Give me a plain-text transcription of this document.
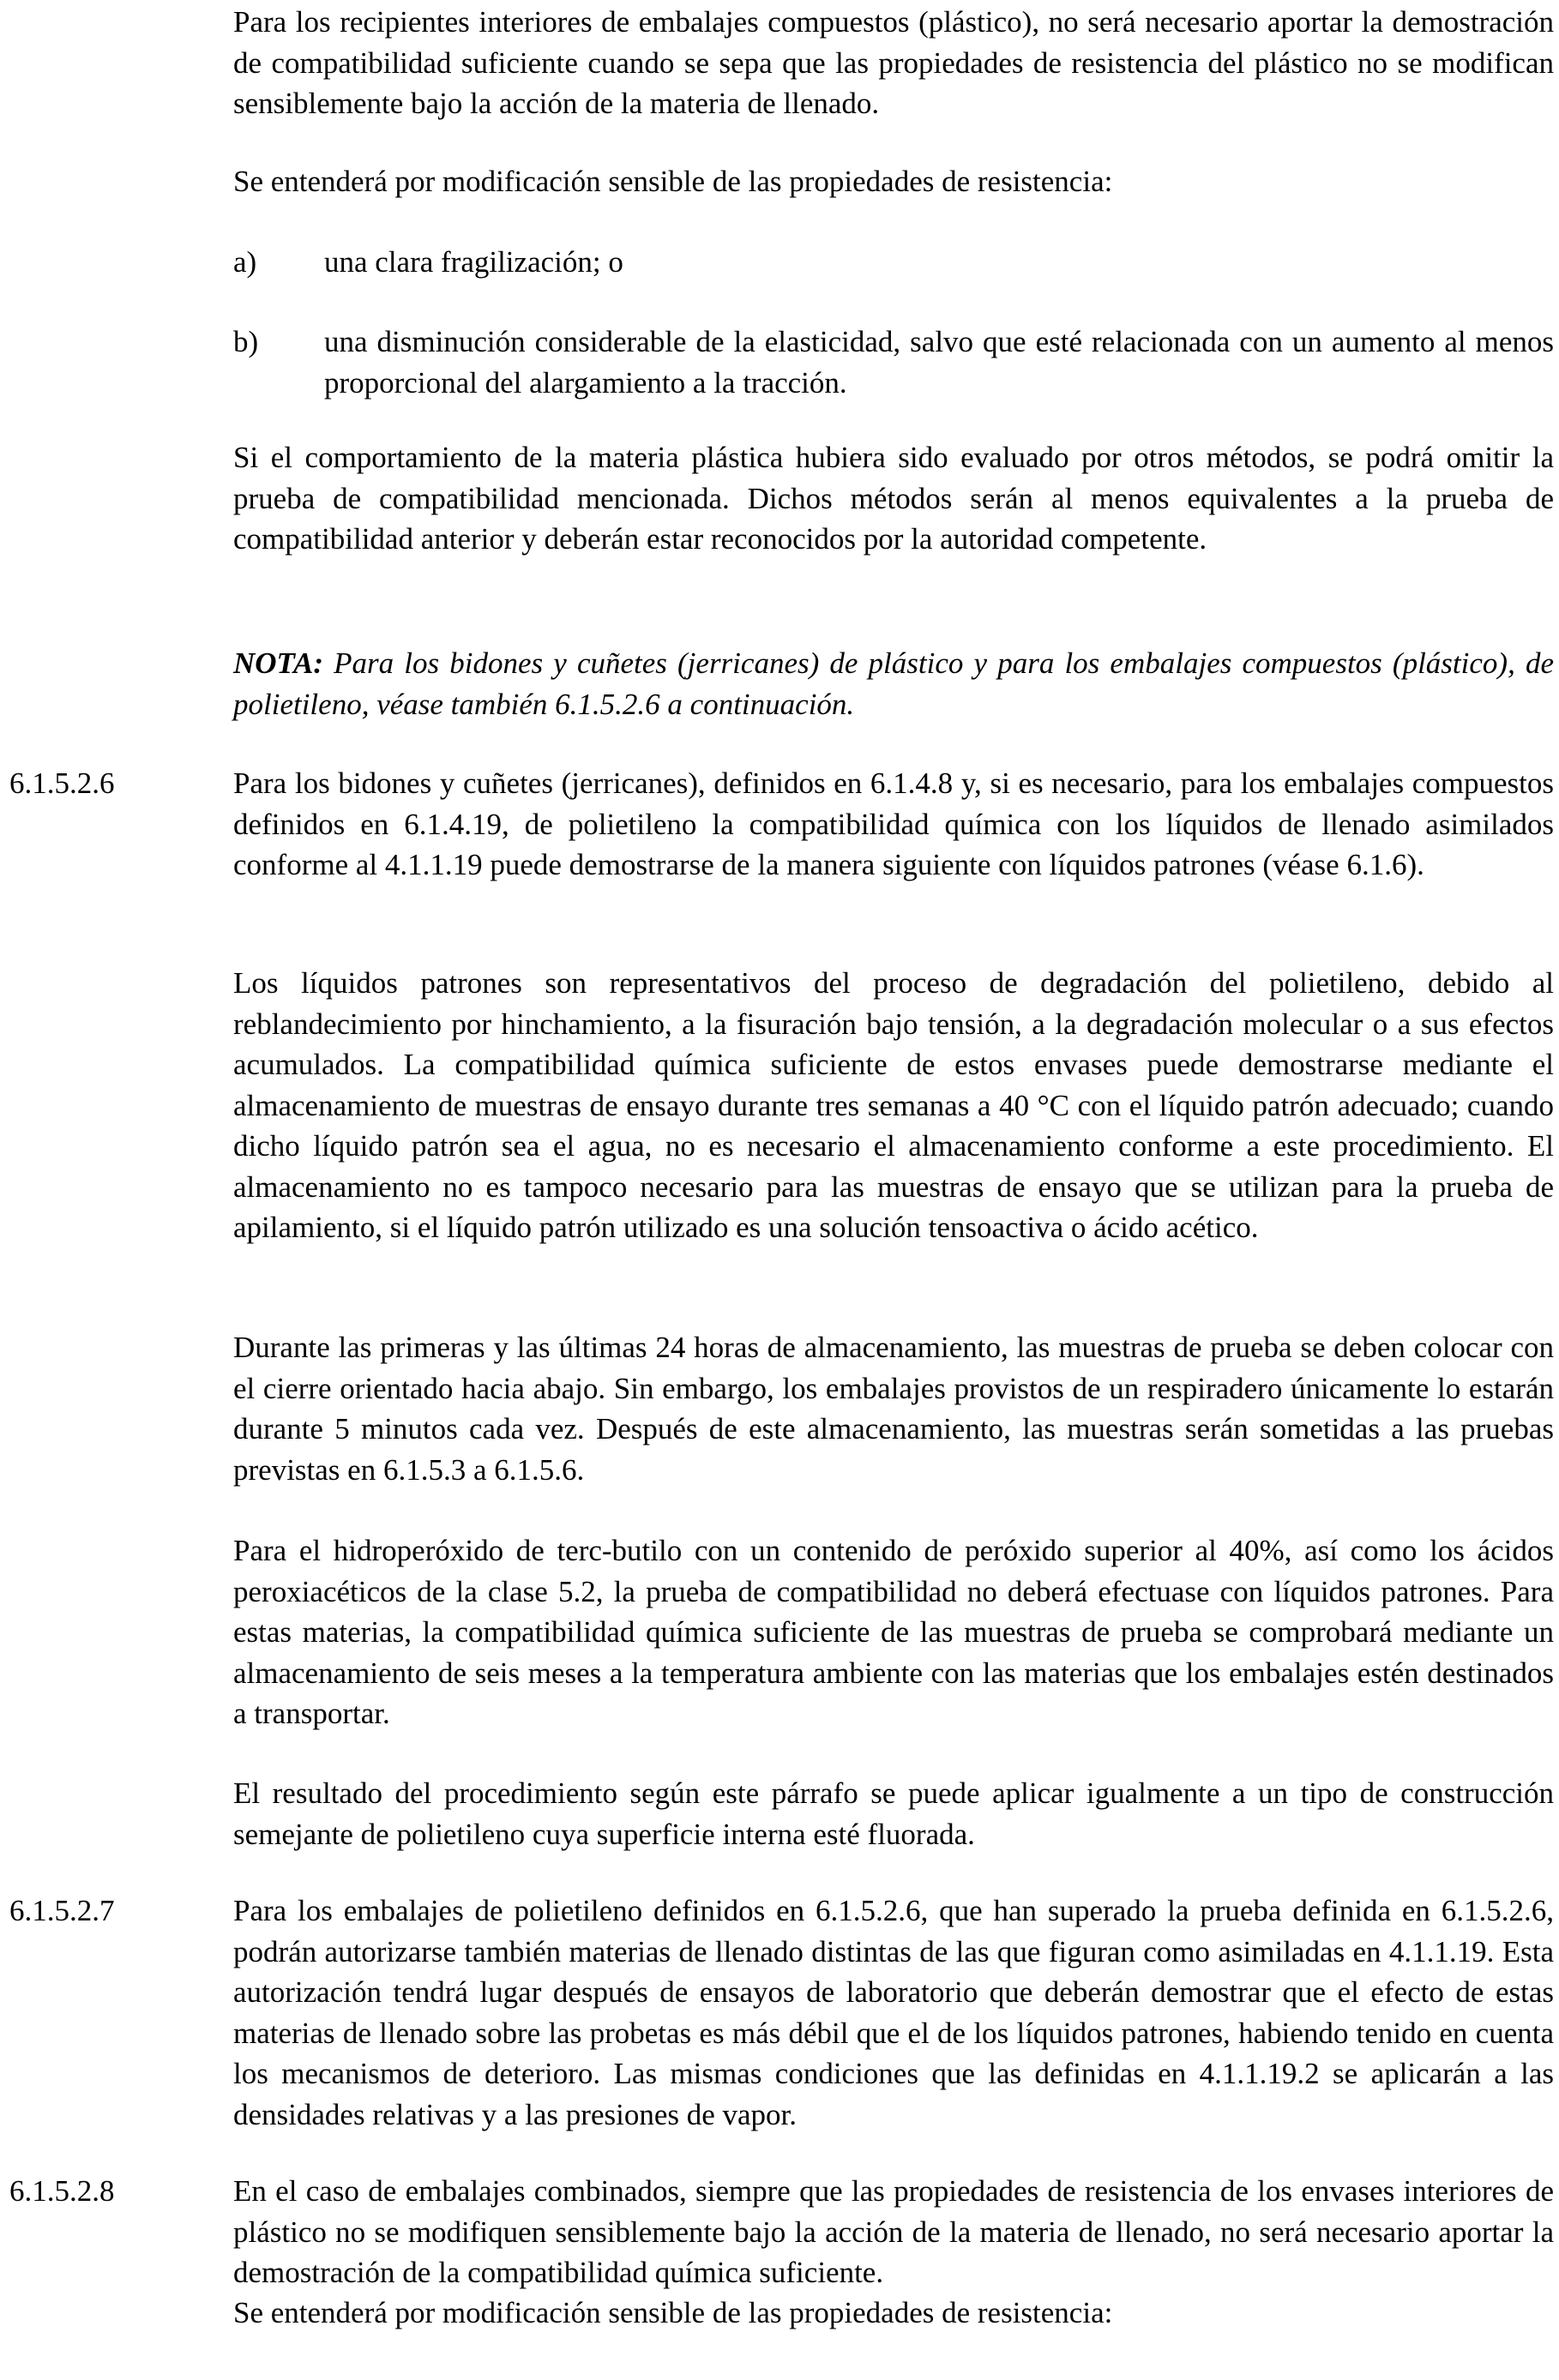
Para los recipientes interiores de embalajes compuestos (plástico), no será necesario aportar la demostración de compatibilidad suficiente cuando se sepa que las propiedades de resistencia del plástico no se modifican sensiblemente bajo la acción de la materia de llenado.

Se entenderá por modificación sensible de las propiedades de resistencia:

a) una clara fragilización; o

b) una disminución considerable de la elasticidad, salvo que esté relacionada con un aumento al menos proporcional del alargamiento a la tracción.

Si el comportamiento de la materia plástica hubiera sido evaluado por otros métodos, se podrá omitir la prueba de compatibilidad mencionada. Dichos métodos serán al menos equivalentes a la prueba de compatibilidad anterior y deberán estar reconocidos por la autoridad competente.

NOTA: Para los bidones y cuñetes (jerricanes) de plástico y para los embalajes compuestos (plástico), de polietileno, véase también 6.1.5.2.6 a continuación.

6.1.5.2.6	Para los bidones y cuñetes (jerricanes), definidos en 6.1.4.8 y, si es necesario, para los embalajes compuestos definidos en 6.1.4.19, de polietileno la compatibilidad química con los líquidos de llenado asimilados conforme al 4.1.1.19 puede demostrarse de la manera siguiente con líquidos patrones (véase 6.1.6).

Los líquidos patrones son representativos del proceso de degradación del polietileno, debido al reblandecimiento por hinchamiento, a la fisuración bajo tensión, a la degradación molecular o a sus efectos acumulados. La compatibilidad química suficiente de estos envases puede demostrarse mediante el almacenamiento de muestras de ensayo durante tres semanas a 40 °C con el líquido patrón adecuado; cuando dicho líquido patrón sea el agua, no es necesario el almacenamiento conforme a este procedimiento. El almacenamiento no es tampoco necesario para las muestras de ensayo que se utilizan para la prueba de apilamiento, si el líquido patrón utilizado es una solución tensoactiva o ácido acético.

Durante las primeras y las últimas 24 horas de almacenamiento, las muestras de prueba se deben colocar con el cierre orientado hacia abajo. Sin embargo, los embalajes provistos de un respiradero únicamente lo estarán durante 5 minutos cada vez. Después de este almacenamiento, las muestras serán sometidas a las pruebas previstas en 6.1.5.3 a 6.1.5.6.

Para el hidroperóxido de terc-butilo con un contenido de peróxido superior al 40%, así como los ácidos peroxiacéticos de la clase 5.2, la prueba de compatibilidad no deberá efectuase con líquidos patrones. Para estas materias, la compatibilidad química suficiente de las muestras de prueba se comprobará mediante un almacenamiento de seis meses a la temperatura ambiente con las materias que los embalajes estén destinados a transportar.

El resultado del procedimiento según este párrafo se puede aplicar igualmente a un tipo de construcción semejante de polietileno cuya superficie interna esté fluorada.

6.1.5.2.7	Para los embalajes de polietileno definidos en 6.1.5.2.6, que han superado la prueba definida en 6.1.5.2.6, podrán autorizarse también materias de llenado distintas de las que figuran como asimiladas en 4.1.1.19. Esta autorización tendrá lugar después de ensayos de laboratorio que deberán demostrar que el efecto de estas materias de llenado sobre las probetas es más débil que el de los líquidos patrones, habiendo tenido en cuenta los mecanismos de deterioro. Las mismas condiciones que las definidas en 4.1.1.19.2 se aplicarán a las densidades relativas y a las presiones de vapor.

6.1.5.2.8	En el caso de embalajes combinados, siempre que las propiedades de resistencia de los envases interiores de plástico no se modifiquen sensiblemente bajo la acción de la materia de llenado, no será necesario aportar la demostración de la compatibilidad química suficiente.

Se entenderá por modificación sensible de las propiedades de resistencia:
